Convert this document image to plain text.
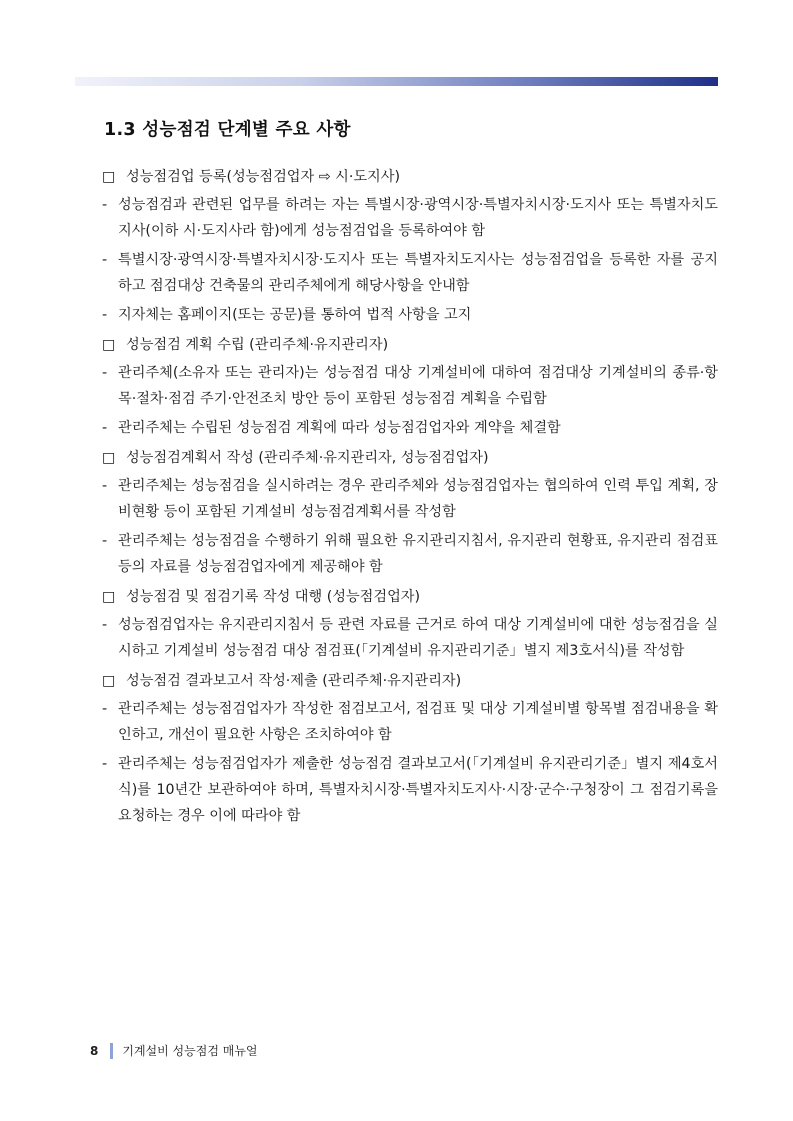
1.3 성능점검 단계별 주요 사항
□ 성능점검업 등록(성능점검업자 ⇨ 시·도지사)
- 성능점검과 관련된 업무를 하려는 자는 특별시장·광역시장·특별자치시장·도지사 또는 특별자치도지사(이하 시·도지사라 함)에게 성능점검업을 등록하여야 함
- 특별시장·광역시장·특별자치시장·도지사 또는 특별자치도지사는 성능점검업을 등록한 자를 공지하고 점검대상 건축물의 관리주체에게 해당사항을 안내함
- 지자체는 홈페이지(또는 공문)를 통하여 법적 사항을 고지
□ 성능점검 계획 수립 (관리주체·유지관리자)
- 관리주체(소유자 또는 관리자)는 성능점검 대상 기계설비에 대하여 점검대상 기계설비의 종류·항목·절차·점검 주기·안전조치 방안 등이 포함된 성능점검 계획을 수립함
- 관리주체는 수립된 성능점검 계획에 따라 성능점검업자와 계약을 체결함
□ 성능점검계획서 작성 (관리주체·유지관리자, 성능점검업자)
- 관리주체는 성능점검을 실시하려는 경우 관리주체와 성능점검업자는 협의하여 인력 투입 계획, 장비현황 등이 포함된 기계설비 성능점검계획서를 작성함
- 관리주체는 성능점검을 수행하기 위해 필요한 유지관리지침서, 유지관리 현황표, 유지관리 점검표 등의 자료를 성능점검업자에게 제공해야 함
□ 성능점검 및 점검기록 작성 대행 (성능점검업자)
- 성능점검업자는 유지관리지침서 등 관련 자료를 근거로 하여 대상 기계설비에 대한 성능점검을 실시하고 기계설비 성능점검 대상 점검표(「기계설비 유지관리기준」별지 제3호서식)를 작성함
□ 성능점검 결과보고서 작성·제출 (관리주체·유지관리자)
- 관리주체는 성능점검업자가 작성한 점검보고서, 점검표 및 대상 기계설비별 항목별 점검내용을 확인하고, 개선이 필요한 사항은 조치하여야 함
- 관리주체는 성능점검업자가 제출한 성능점검 결과보고서(「기계설비 유지관리기준」별지 제4호서식)를 10년간 보관하여야 하며, 특별자치시장·특별자치도지사·시장·군수·구청장이 그 점검기록을 요청하는 경우 이에 따라야 함
8 기계설비 성능점검 매뉴얼
